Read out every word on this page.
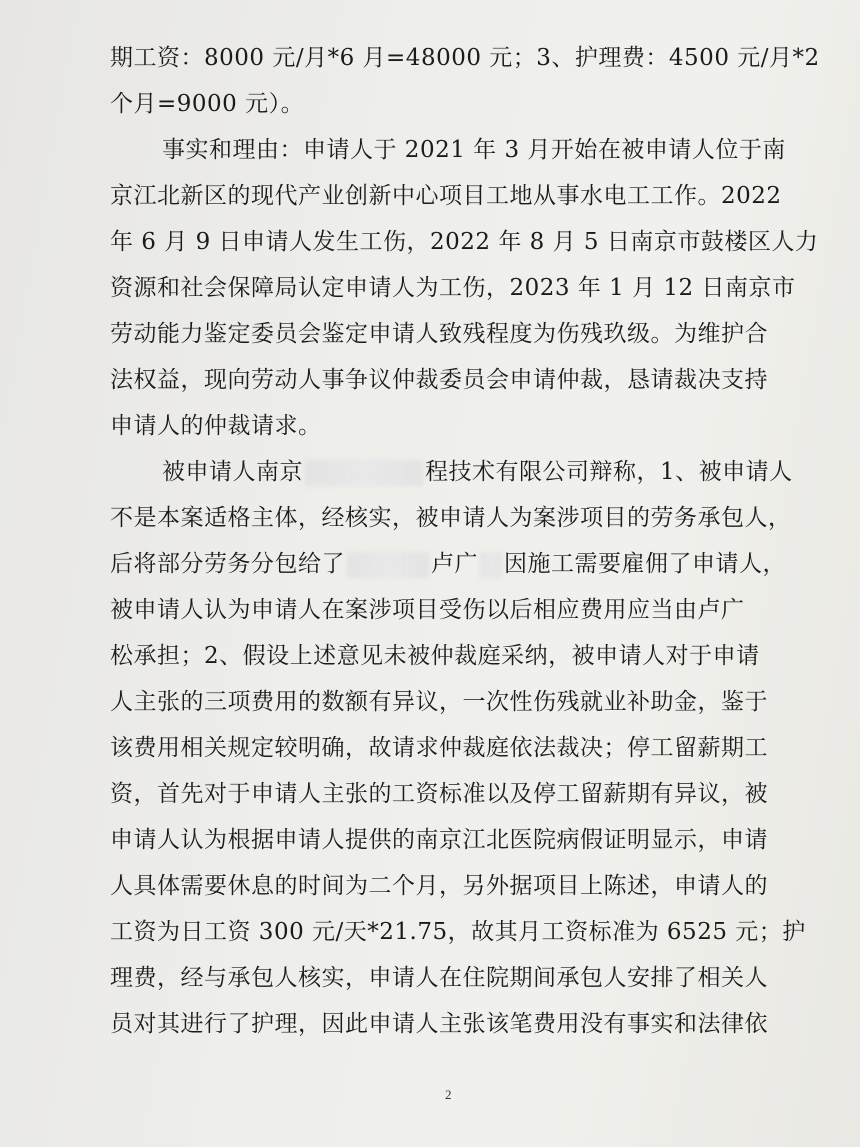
期工资：8000 元/月*6 月=48000 元；3、护理费：4500 元/月*2
个月=9000 元）。
事实和理由：申请人于 2021 年 3 月开始在被申请人位于南
京江北新区的现代产业创新中心项目工地从事水电工工作。2022
年 6 月 9 日申请人发生工伤，2022 年 8 月 5 日南京市鼓楼区人力
资源和社会保障局认定申请人为工伤，2023 年 1 月 12 日南京市
劳动能力鉴定委员会鉴定申请人致残程度为伤残玖级。为维护合
法权益，现向劳动人事争议仲裁委员会申请仲裁，恳请裁决支持
申请人的仲裁请求。
被申请人南京	程技术有限公司辩称，1、被申请人
不是本案适格主体，经核实，被申请人为案涉项目的劳务承包人，
后将部分劳务分包给了	卢广 因施工需要雇佣了申请人，
被申请人认为申请人在案涉项目受伤以后相应费用应当由卢广
松承担；2、假设上述意见未被仲裁庭采纳，被申请人对于申请
人主张的三项费用的数额有异议，一次性伤残就业补助金，鉴于
该费用相关规定较明确，故请求仲裁庭依法裁决；停工留薪期工
资，首先对于申请人主张的工资标准以及停工留薪期有异议，被
申请人认为根据申请人提供的南京江北医院病假证明显示，申请
人具体需要休息的时间为二个月，另外据项目上陈述，申请人的
工资为日工资 300 元/天*21.75，故其月工资标准为 6525 元；护
理费，经与承包人核实，申请人在住院期间承包人安排了相关人
员对其进行了护理，因此申请人主张该笔费用没有事实和法律依
2
